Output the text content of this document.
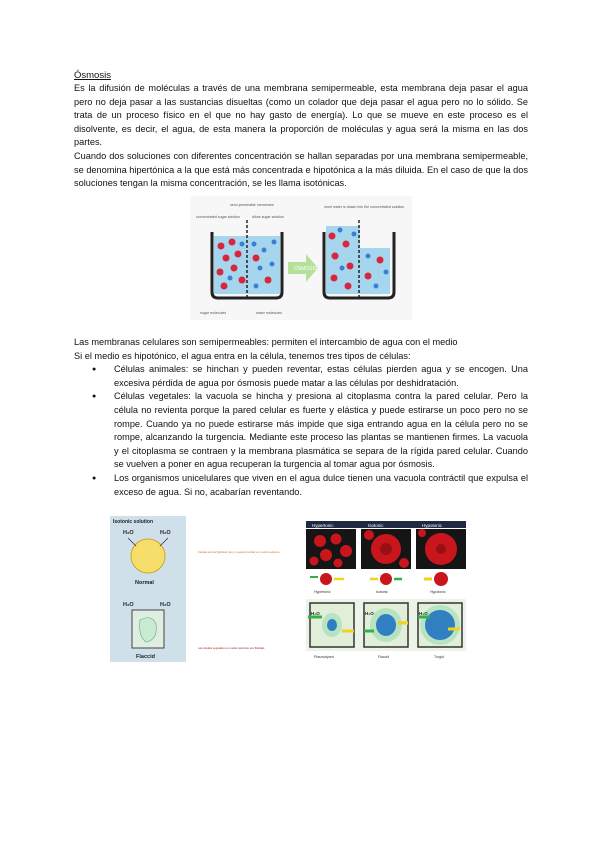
Ósmosis

Es la difusión de moléculas a través de una membrana semipermeable, esta membrana deja pasar el agua pero no deja pasar a las sustancias disueltas (como un colador que deja pasar el agua pero no lo sólido. Se trata de un proceso físico en el que no hay gasto de energía). Lo que se mueve en este proceso es el disolvente, es decir, el agua, de esta manera la proporción de moléculas y agua será la misma en las dos partes.

Cuando dos soluciones con diferentes concentración se hallan separadas por una membrana semipermeable, se denomina hipertónica a la que está más concentrada e hipotónica a la más diluida. En el caso de que la dos soluciones tengan la misma concentración, se les llama isotónicas.

OSMOSIS
semi-permeable membrane
concentrated sugar solution	dilute sugar solution
more water is drawn into the concentrated solution
sugar molecules	water molecules

Las membranas celulares son semipermeables: permiten el intercambio de agua con el medio

Si el medio es hipotónico, el agua entra en la célula, tenemos tres tipos de células:

● Células animales: se hinchan y pueden reventar, estas células pierden agua y se encogen. Una excesiva pérdida de agua por ósmosis puede matar a las células por deshidratación.
● Células vegetales: la vacuola se hincha y presiona al citoplasma contra la pared celular. Pero la célula no revienta porque la pared celular es fuerte y elástica y puede estirarse un poco pero no se rompe. Cuando ya no puede estirarse más impide que siga entrando agua en la célula pero no se rompe, alcanzando la turgencia. Mediante este proceso las plantas se mantienen firmes. La vacuola y el citoplasma se contraen y la membrana plasmática se separa de la rígida pared celular. Cuando se vuelven a poner en agua recuperan la turgencia al tomar agua por ósmosis.
● Los organismos unicelulares que viven en el agua dulce tienen una vacuola contráctil que expulsa el exceso de agua. Si no, acabarían reventando.
Isotonic solution
H₂O	H₂O
Normal
H₂O	H₂O
Flaccid
Células animal (glóbulo rojo) y vegetal (célula) en medio isotónico
Las células vegetales en medio isotónico son flácidas
Hypertonic	Isotonic	Hypotonic
Hypertonic	Isotonic	Hypotonic
H₂O	H₂O	H₂O
Plasmolysed	Flaccid	Turgid
